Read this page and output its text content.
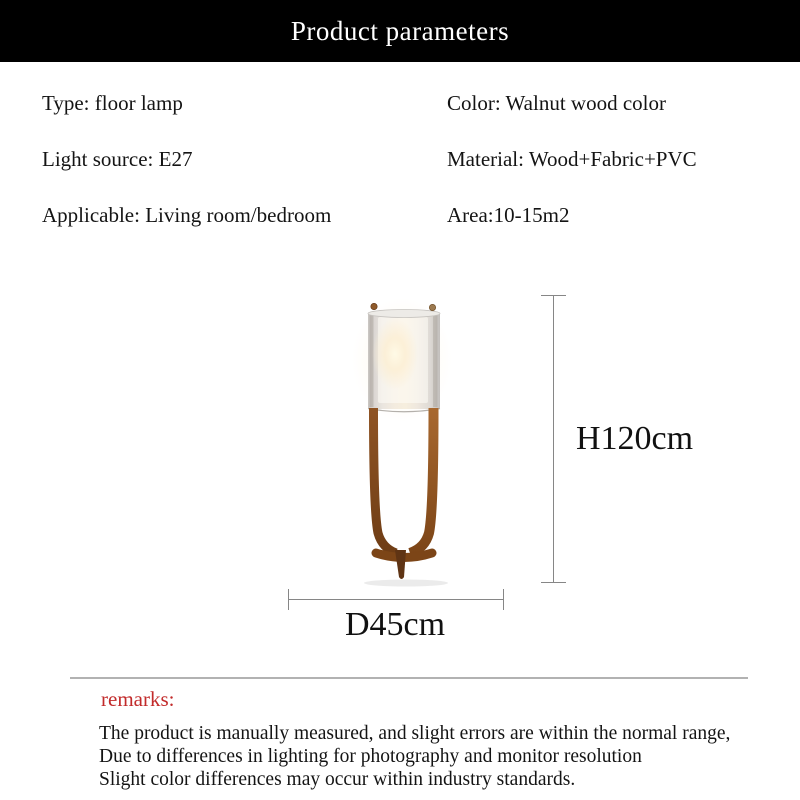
Product parameters
Type: floor lamp	Color: Walnut wood color
Light source: E27	Material: Wood+Fabric+PVC
Applicable: Living room/bedroom	Area:10-15m2
H120cm
D45cm
remarks:
The product is manually measured, and slight errors are within the normal range,
Due to differences in lighting for photography and monitor resolution
Slight color differences may occur within industry standards.
